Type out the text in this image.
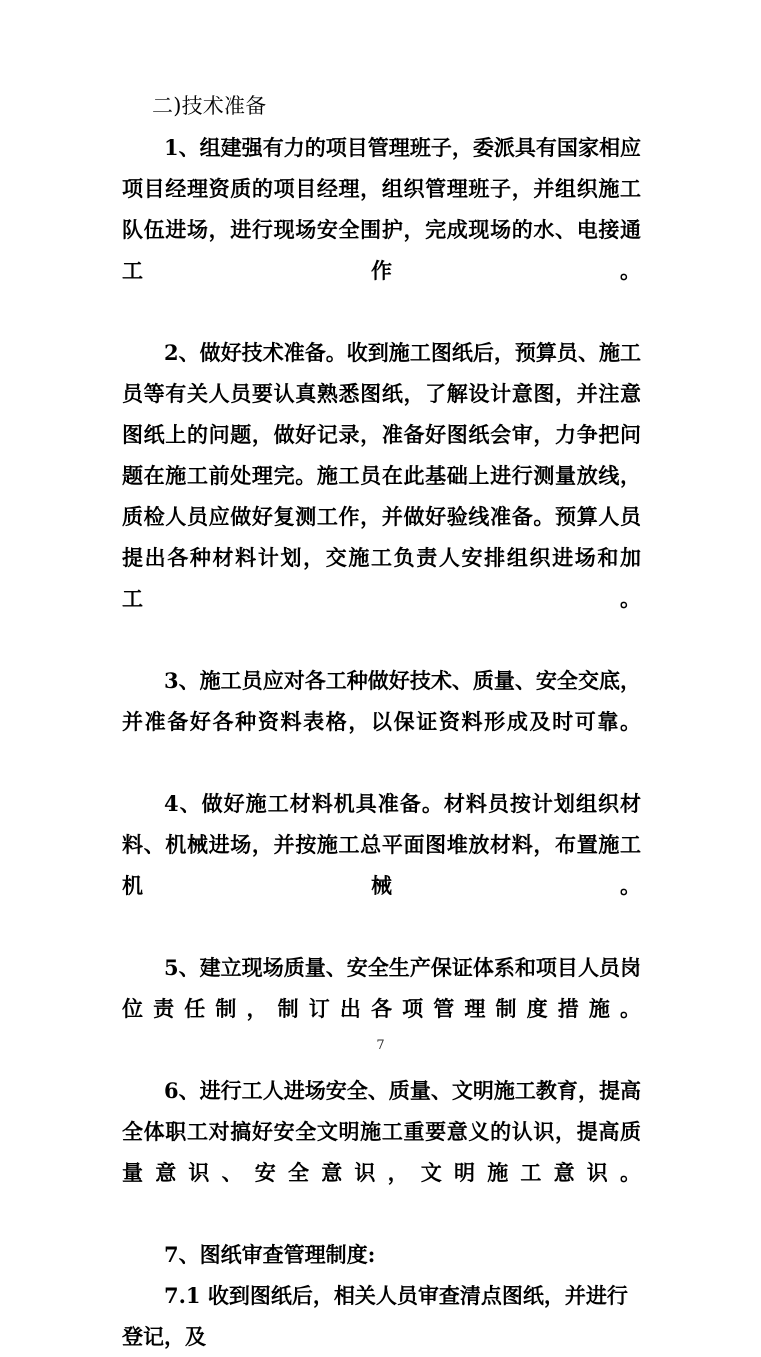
二)技术准备

1、组建强有力的项目管理班子，委派具有国家相应项目经理资质的项目经理，组织管理班子，并组织施工队伍进场，进行现场安全围护，完成现场的水、电接通工作。

2、做好技术准备。收到施工图纸后，预算员、施工员等有关人员要认真熟悉图纸，了解设计意图，并注意图纸上的问题，做好记录，准备好图纸会审，力争把问题在施工前处理完。施工员在此基础上进行测量放线，质检人员应做好复测工作，并做好验线准备。预算人员提出各种材料计划，交施工负责人安排组织进场和加工。

3、施工员应对各工种做好技术、质量、安全交底，并准备好各种资料表格，以保证资料形成及时可靠。

4、做好施工材料机具准备。材料员按计划组织材料、机械进场，并按施工总平面图堆放材料，布置施工机械。

5、建立现场质量、安全生产保证体系和项目人员岗位责任制，制订出各项管理制度措施。

6、进行工人进场安全、质量、文明施工教育，提高全体职工对搞好安全文明施工重要意义的认识，提高质量意识、安全意识，文明施工意识。

7、图纸审查管理制度:

7.1 收到图纸后，相关人员审查清点图纸，并进行登记，及

7
